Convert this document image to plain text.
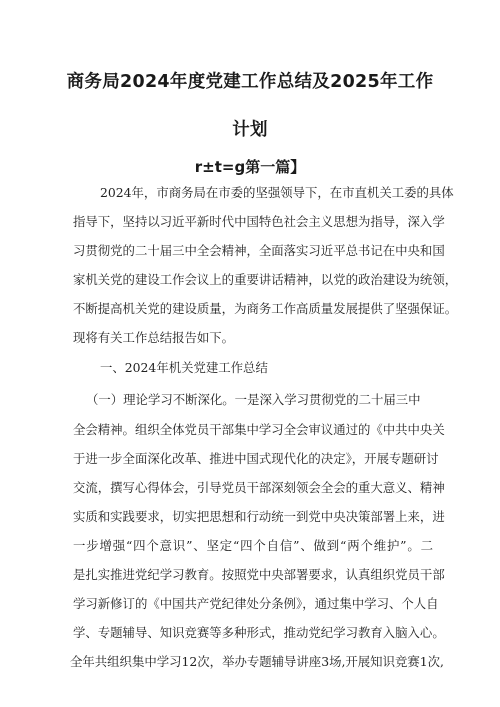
商务局2024年度党建工作总结及2025年工作
计划
r±t=g第一篇】

2024年，市商务局在市委的坚强领导下，在市直机关工委的具体

指导下，坚持以习近平新时代中国特色社会主义思想为指导，深入学

习贯彻党的二十届三中全会精神，全面落实习近平总书记在中央和国

家机关党的建设工作会议上的重要讲话精神，以党的政治建设为统领，

不断提高机关党的建设质量，为商务工作高质量发展提供了坚强保证。

现将有关工作总结报告如下。

一、2024年机关党建工作总结

（一）理论学习不断深化。一是深入学习贯彻党的二十届三中

全会精神。组织全体党员干部集中学习全会审议通过的《中共中央关

于进一步全面深化改革、推进中国式现代化的决定》，开展专题研讨

交流，撰写心得体会，引导党员干部深刻领会全会的重大意义、精神

实质和实践要求，切实把思想和行动统一到党中央决策部署上来，进

一步增强“四个意识”、坚定“四个自信”、做到“两个维护”。二

是扎实推进党纪学习教育。按照党中央部署要求，认真组织党员干部

学习新修订的《中国共产党纪律处分条例》，通过集中学习、个人自

学、专题辅导、知识竞赛等多种形式，推动党纪学习教育入脑入心。

全年共组织集中学习12次，举办专题辅导讲座3场,开展知识竞赛1次,
